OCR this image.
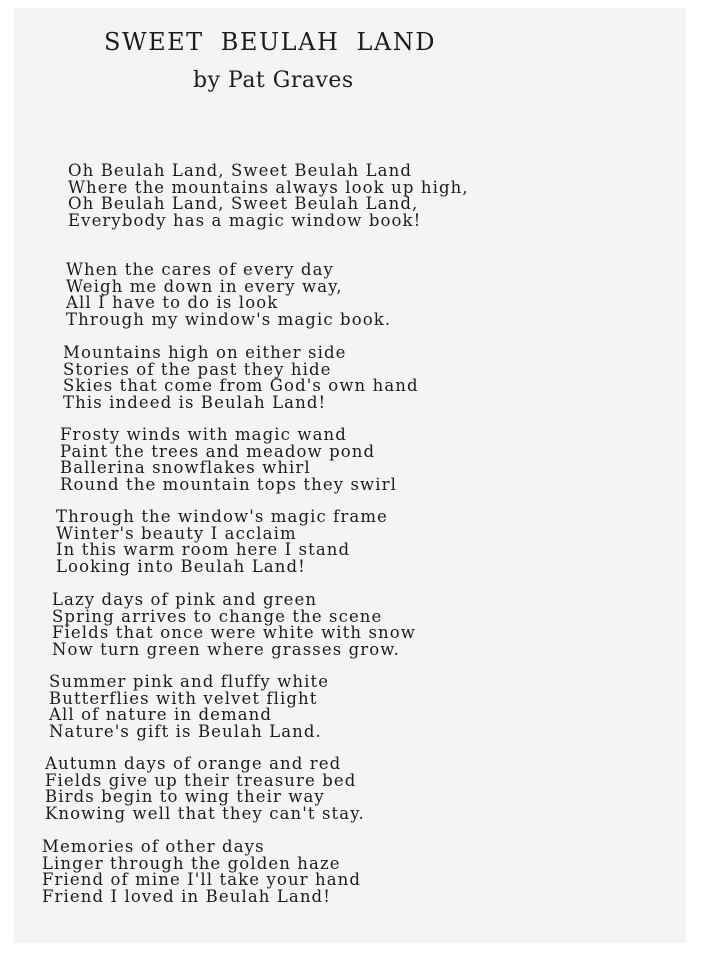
SWEET BEULAH LAND
by Pat Graves
Oh Beulah Land, Sweet Beulah Land
Where the mountains always look up high,
Oh Beulah Land, Sweet Beulah Land,
Everybody has a magic window book!
When the cares of every day
Weigh me down in every way,
All I have to do is look
Through my window's magic book.
Mountains high on either side
Stories of the past they hide
Skies that come from God's own hand
This indeed is Beulah Land!
Frosty winds with magic wand
Paint the trees and meadow pond
Ballerina snowflakes whirl
Round the mountain tops they swirl
Through the window's magic frame
Winter's beauty I acclaim
In this warm room here I stand
Looking into Beulah Land!
Lazy days of pink and green
Spring arrives to change the scene
Fields that once were white with snow
Now turn green where grasses grow.
Summer pink and fluffy white
Butterflies with velvet flight
All of nature in demand
Nature's gift is Beulah Land.
Autumn days of orange and red
Fields give up their treasure bed
Birds begin to wing their way
Knowing well that they can't stay.
Memories of other days
Linger through the golden haze
Friend of mine I'll take your hand
Friend I loved in Beulah Land!
